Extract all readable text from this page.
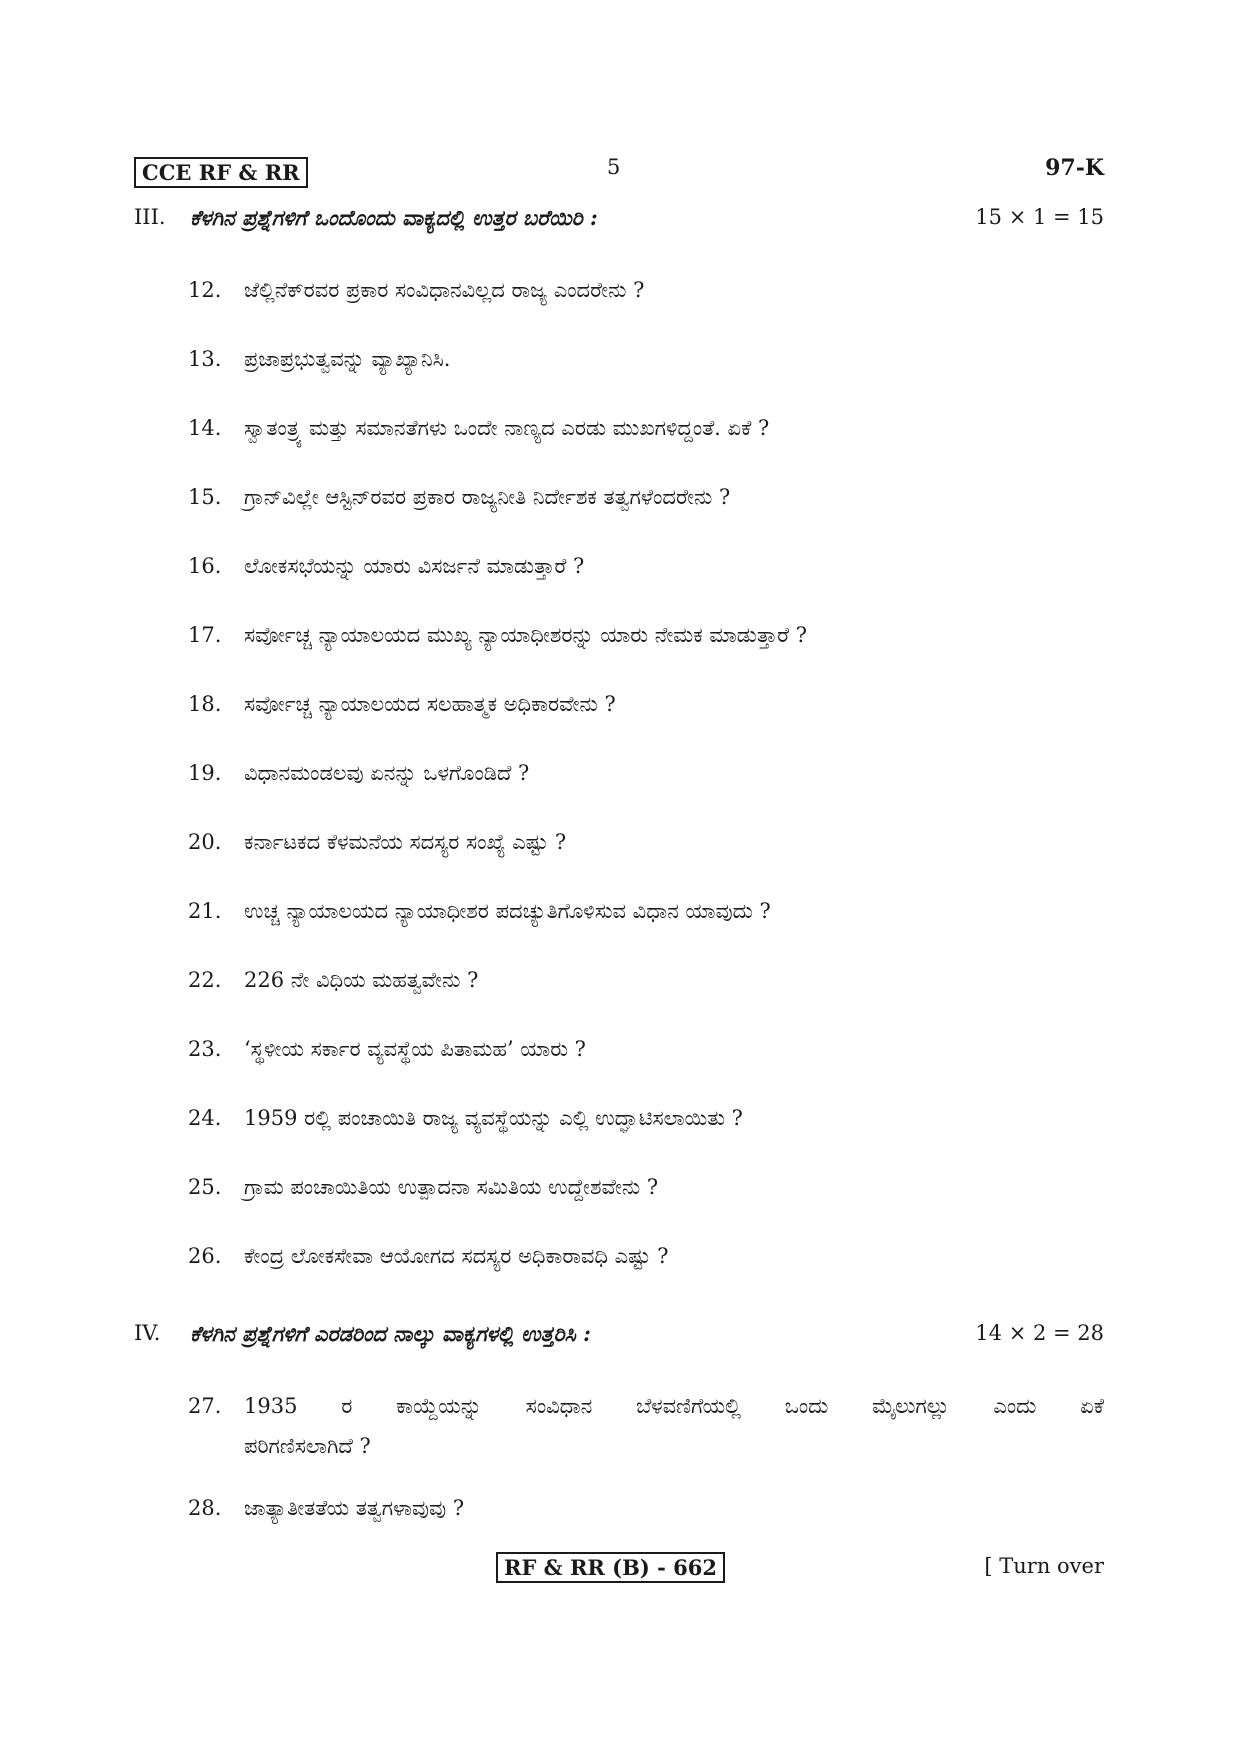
CCE RF & RR	5	97-K
III. ಕೆಳಗಿನ ಪ್ರಶ್ನೆಗಳಿಗೆ ಒಂದೊಂದು ವಾಕ್ಯದಲ್ಲಿ ಉತ್ತರ ಬರೆಯಿರಿ :	15 × 1 = 15
12. ಜೆಲ್ಲಿನೆಕ್‌ರವರ ಪ್ರಕಾರ ಸಂವಿಧಾನವಿಲ್ಲದ ರಾಜ್ಯ ಎಂದರೇನು ?
13. ಪ್ರಜಾಪ್ರಭುತ್ವವನ್ನು ವ್ಯಾಖ್ಯಾನಿಸಿ.
14. ಸ್ವಾತಂತ್ರ್ಯ ಮತ್ತು ಸಮಾನತೆಗಳು ಒಂದೇ ನಾಣ್ಯದ ಎರಡು ಮುಖಗಳಿದ್ದಂತೆ. ಏಕೆ ?
15. ಗ್ರಾನ್‌ವಿಲ್ಲೇ ಆಸ್ಟಿನ್‌ರವರ ಪ್ರಕಾರ ರಾಜ್ಯನೀತಿ ನಿರ್ದೇಶಕ ತತ್ವಗಳೆಂದರೇನು ?
16. ಲೋಕಸಭೆಯನ್ನು ಯಾರು ವಿಸರ್ಜನೆ ಮಾಡುತ್ತಾರೆ ?
17. ಸರ್ವೋಚ್ಚ ನ್ಯಾಯಾಲಯದ ಮುಖ್ಯ ನ್ಯಾಯಾಧೀಶರನ್ನು ಯಾರು ನೇಮಕ ಮಾಡುತ್ತಾರೆ ?
18. ಸರ್ವೋಚ್ಚ ನ್ಯಾಯಾಲಯದ ಸಲಹಾತ್ಮಕ ಅಧಿಕಾರವೇನು ?
19. ವಿಧಾನಮಂಡಲವು ಏನನ್ನು ಒಳಗೊಂಡಿದೆ ?
20. ಕರ್ನಾಟಕದ ಕೆಳಮನೆಯ ಸದಸ್ಯರ ಸಂಖ್ಯೆ ಎಷ್ಟು ?
21. ಉಚ್ಚ ನ್ಯಾಯಾಲಯದ ನ್ಯಾಯಾಧೀಶರ ಪದಚ್ಯುತಿಗೊಳಿಸುವ ವಿಧಾನ ಯಾವುದು ?
22. 226 ನೇ ವಿಧಿಯ ಮಹತ್ವವೇನು ?
23. ‘ಸ್ಥಳೀಯ ಸರ್ಕಾರ ವ್ಯವಸ್ಥೆಯ ಪಿತಾಮಹ’ ಯಾರು ?
24. 1959 ರಲ್ಲಿ ಪಂಚಾಯಿತಿ ರಾಜ್ಯ ವ್ಯವಸ್ಥೆಯನ್ನು ಎಲ್ಲಿ ಉದ್ಘಾಟಿಸಲಾಯಿತು ?
25. ಗ್ರಾಮ ಪಂಚಾಯಿತಿಯ ಉತ್ಪಾದನಾ ಸಮಿತಿಯ ಉದ್ದೇಶವೇನು ?
26. ಕೇಂದ್ರ ಲೋಕಸೇವಾ ಆಯೋಗದ ಸದಸ್ಯರ ಅಧಿಕಾರಾವಧಿ ಎಷ್ಟು ?
IV. ಕೆಳಗಿನ ಪ್ರಶ್ನೆಗಳಿಗೆ ಎರಡರಿಂದ ನಾಲ್ಕು ವಾಕ್ಯಗಳಲ್ಲಿ ಉತ್ತರಿಸಿ :	14 × 2 = 28
27. 1935 ರ ಕಾಯ್ದೆಯನ್ನು ಸಂವಿಧಾನ ಬೆಳವಣಿಗೆಯಲ್ಲಿ ಒಂದು ಮೈಲುಗಲ್ಲು ಎಂದು ಏಕೆ
ಪರಿಗಣಿಸಲಾಗಿದೆ ?
28. ಜಾತ್ಯಾತೀತತೆಯ ತತ್ವಗಳಾವುವು ?
RF & RR (B) - 662	[ Turn over
